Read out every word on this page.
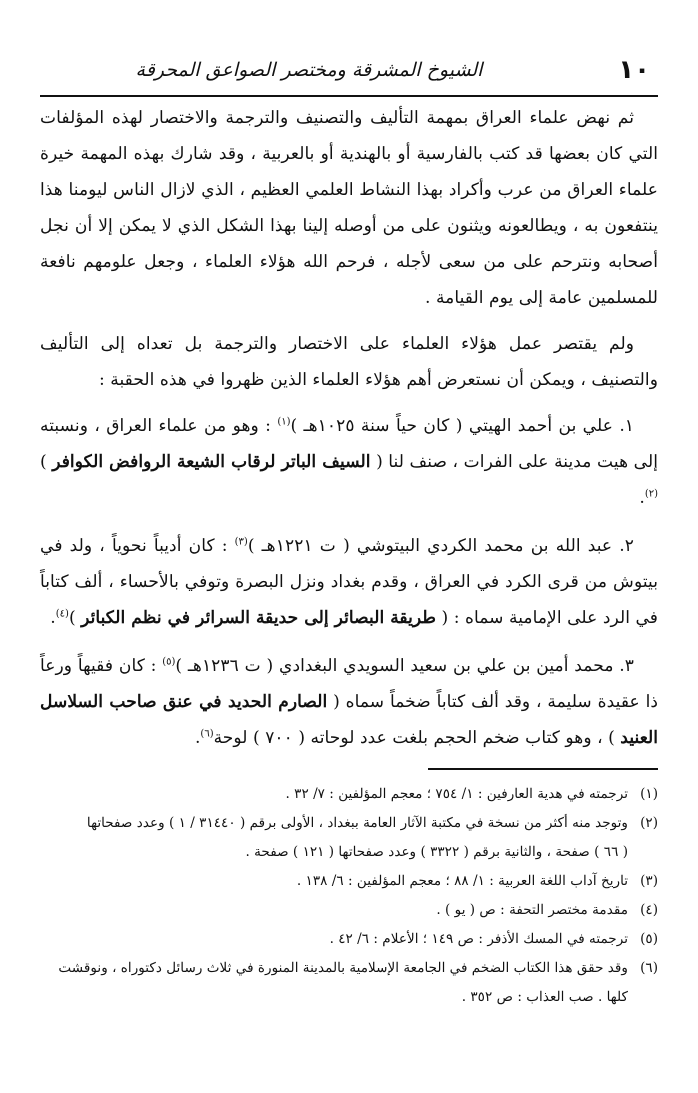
١٠
الشيوخ المشرقة ومختصر الصواعق المحرقة

ثم نهض علماء العراق بمهمة التأليف والتصنيف والترجمة والاختصار لهذه المؤلفات التي كان بعضها قد كتب بالفارسية أو بالهندية أو بالعربية ، وقد شارك بهذه المهمة خيرة علماء العراق من عرب وأكراد بهذا النشاط العلمي العظيم ، الذي لازال الناس ليومنا هذا ينتفعون به ، ويطالعونه ويثنون على من أوصله إلينا بهذا الشكل الذي لا يمكن إلا أن نجل أصحابه ونترحم على من سعى لأجله ، فرحم الله هؤلاء العلماء ، وجعل علومهم نافعة للمسلمين عامة إلى يوم القيامة .

ولم يقتصر عمل هؤلاء العلماء على الاختصار والترجمة بل تعداه إلى التأليف والتصنيف ، ويمكن أن نستعرض أهم هؤلاء العلماء الذين ظهروا في هذه الحقبة :

١. علي بن أحمد الهيتي ( كان حياً سنة ١٠٢٥هـ )$^{(١)}$ : وهو من علماء العراق ، ونسبته إلى هيت مدينة على الفرات ، صنف لنا ( السيف الباتر لرقاب الشيعة الروافض الكوافر )$^{(٢)}$.

٢. عبد الله بن محمد الكردي البيتوشي ( ت ١٢٢١هـ )$^{(٣)}$ : كان أديباً نحوياً ، ولد في بيتوش من قرى الكرد في العراق ، وقدم بغداد ونزل البصرة وتوفي بالأحساء ، ألف كتاباً في الرد على الإمامية سماه : ( طريقة البصائر إلى حديقة السرائر في نظم الكبائر )$^{(٤)}$.

٣. محمد أمين بن علي بن سعيد السويدي البغدادي ( ت ١٢٣٦هـ )$^{(٥)}$ : كان فقيهاً ورعاً ذا عقيدة سليمة ، وقد ألف كتاباً ضخماً سماه ( الصارم الحديد في عنق صاحب السلاسل العنيد ) ، وهو كتاب ضخم الحجم بلغت عدد لوحاته ( ٧٠٠ ) لوحة$^{(٦)}$.

(١)
ترجمته في هدية العارفين : ١/ ٧٥٤ ؛ معجم المؤلفين : ٧/ ٣٢ .
(٢)
وتوجد منه أكثر من نسخة في مكتبة الآثار العامة ببغداد ، الأولى برقم ( ٣١٤٤٠ / ١ ) وعدد صفحاتها
( ٦٦ ) صفحة ، والثانية برقم ( ٣٣٢٢ ) وعدد صفحاتها ( ١٢١ ) صفحة .
(٣)
تاريخ آداب اللغة العربية : ١/ ٨٨ ؛ معجم المؤلفين : ٦/ ١٣٨ .
(٤)
مقدمة مختصر التحفة : ص ( يو ) .
(٥)
ترجمته في المسك الأذفر : ص ١٤٩ ؛ الأعلام : ٦/ ٤٢ .
(٦)
وقد حقق هذا الكتاب الضخم في الجامعة الإسلامية بالمدينة المنورة في ثلاث رسائل دكتوراه ، ونوقشت
كلها . صب العذاب : ص ٣٥٢ .
